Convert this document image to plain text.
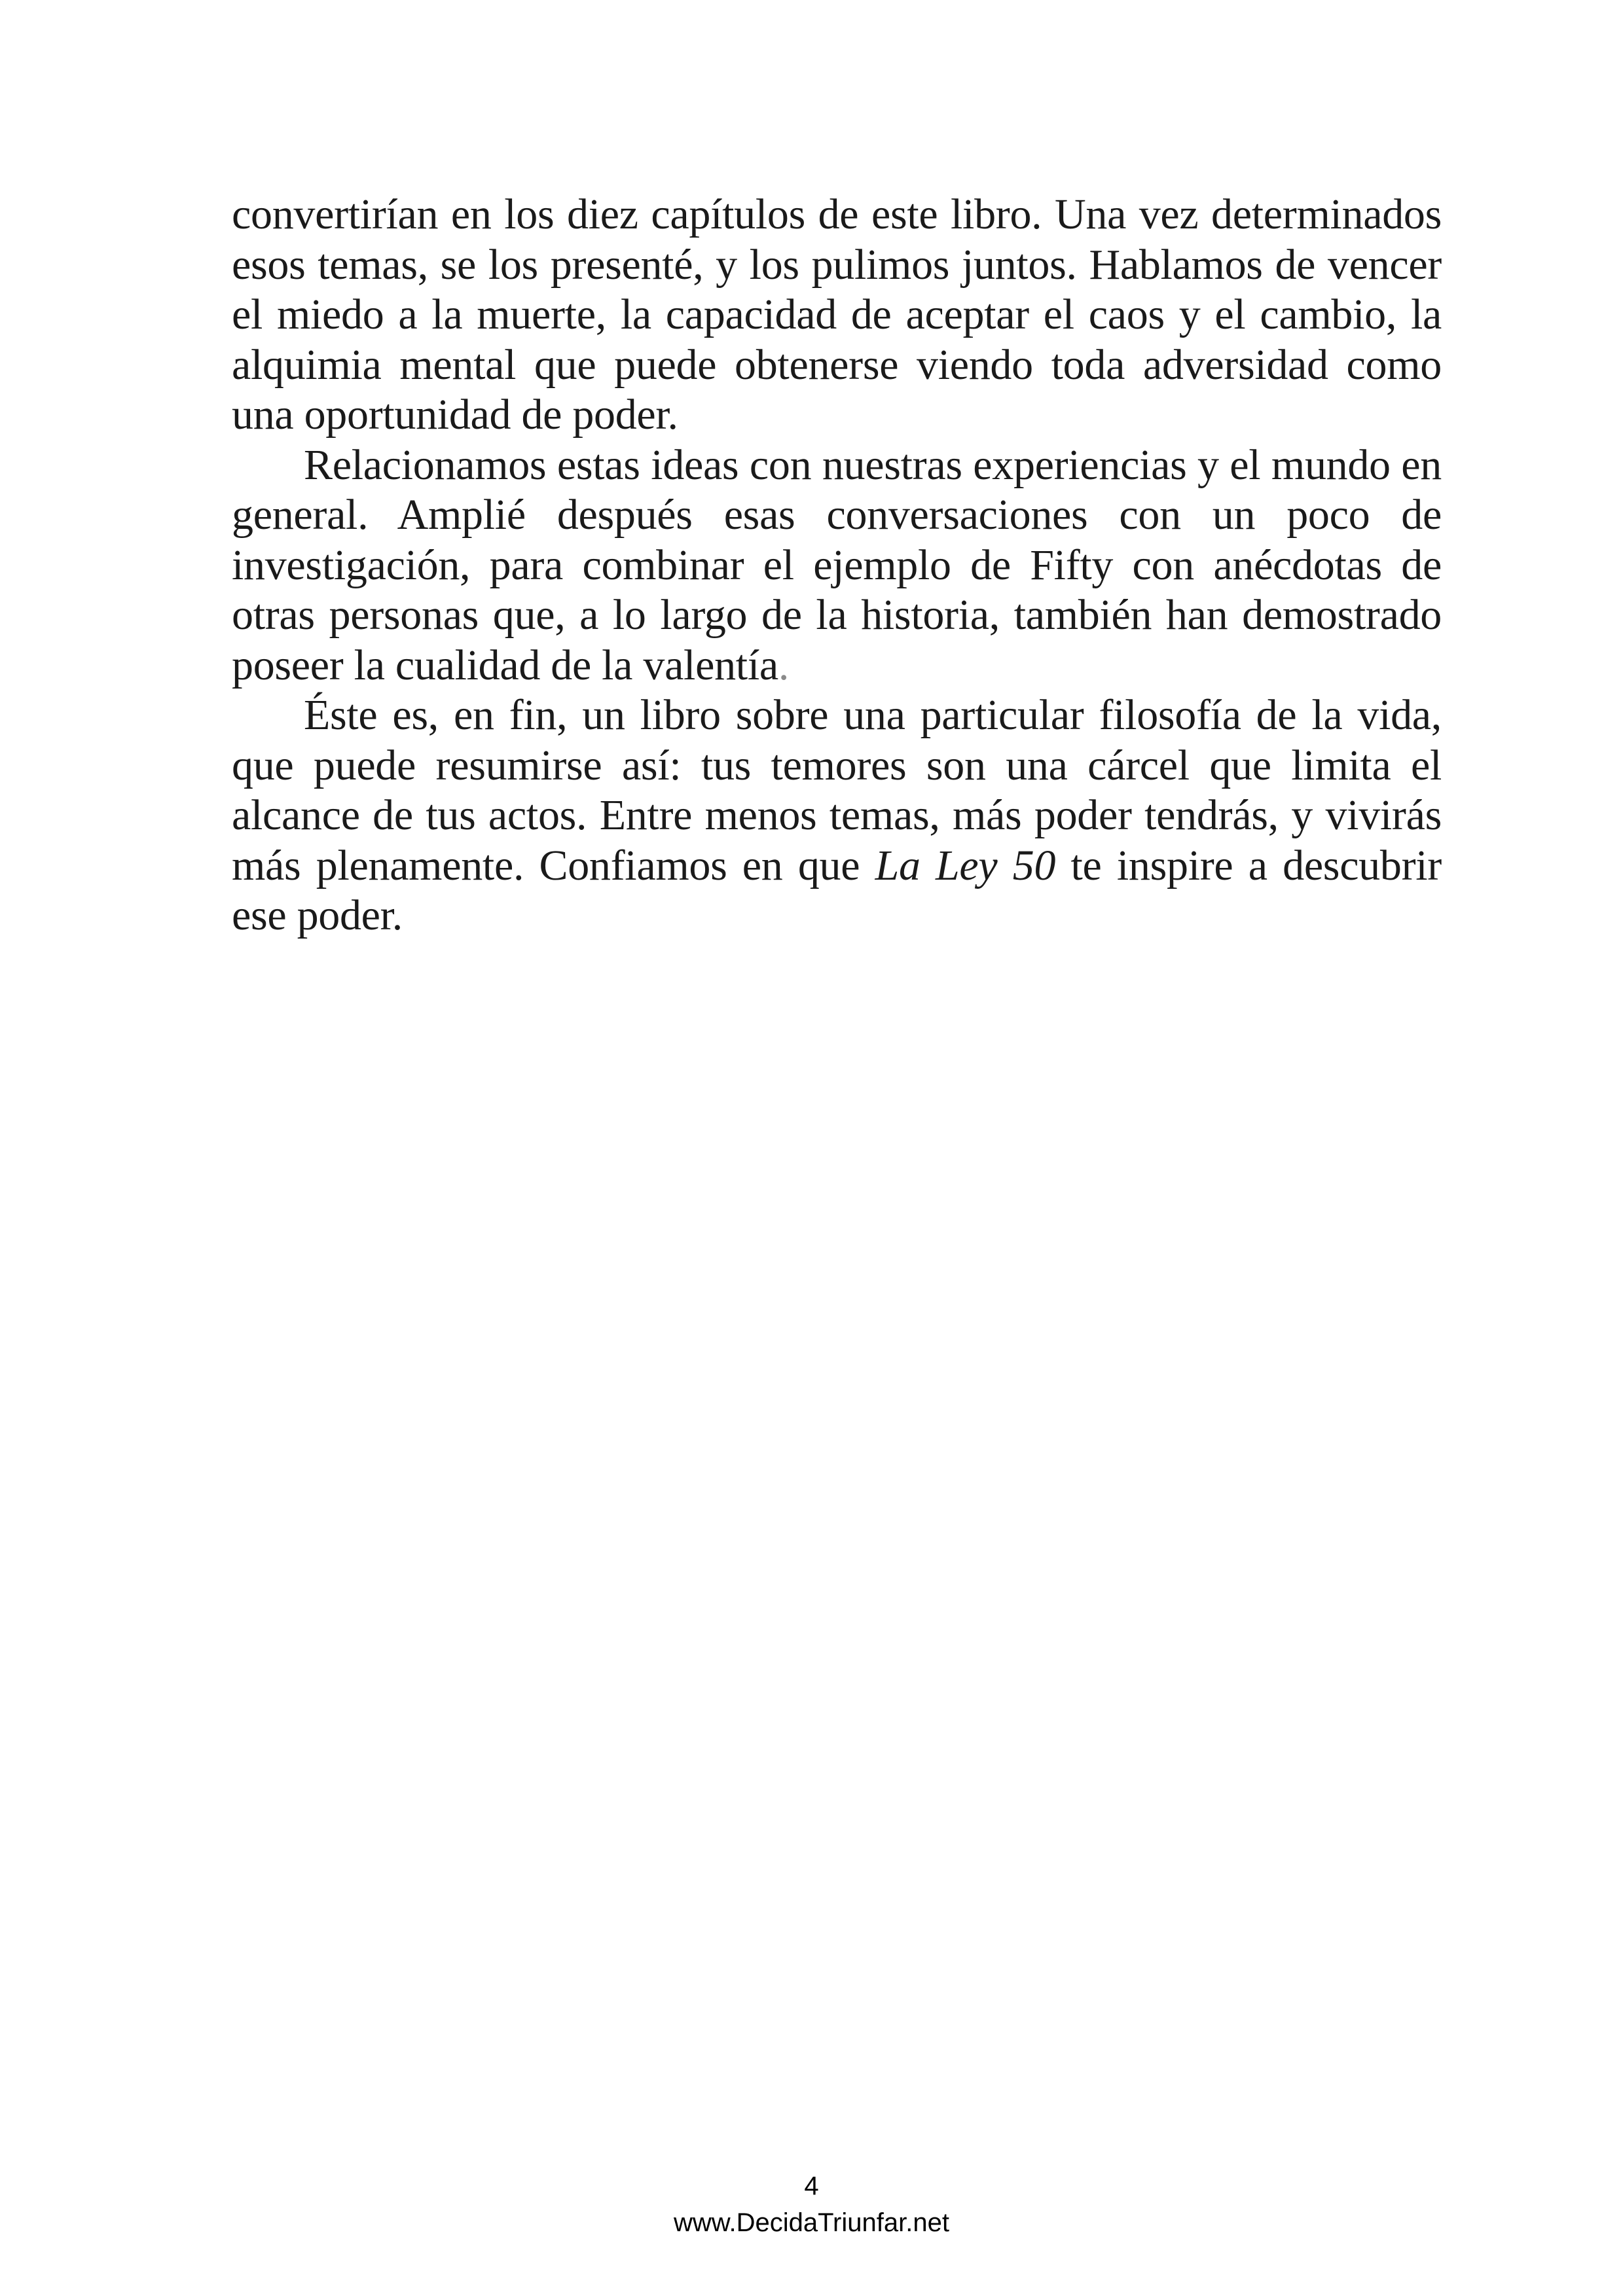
convertirían en los diez capítulos de este libro. Una vez determinados esos temas, se los presenté, y los pulimos juntos. Hablamos de vencer el miedo a la muerte, la capacidad de aceptar el caos y el cambio, la alquimia mental que puede obtenerse viendo toda adversidad como una oportunidad de poder.

Relacionamos estas ideas con nuestras experiencias y el mundo en general. Amplié después esas conversaciones con un poco de investigación, para combinar el ejemplo de Fifty con anécdotas de otras personas que, a lo largo de la historia, también han demostrado poseer la cualidad de la valentía.

Éste es, en fin, un libro sobre una particular filosofía de la vida, que puede resumirse así: tus temores son una cárcel que limita el alcance de tus actos. Entre menos temas, más poder tendrás, y vivirás más plenamente. Confiamos en que La Ley 50 te inspire a descubrir ese poder.

4
www.DecidaTriunfar.net
